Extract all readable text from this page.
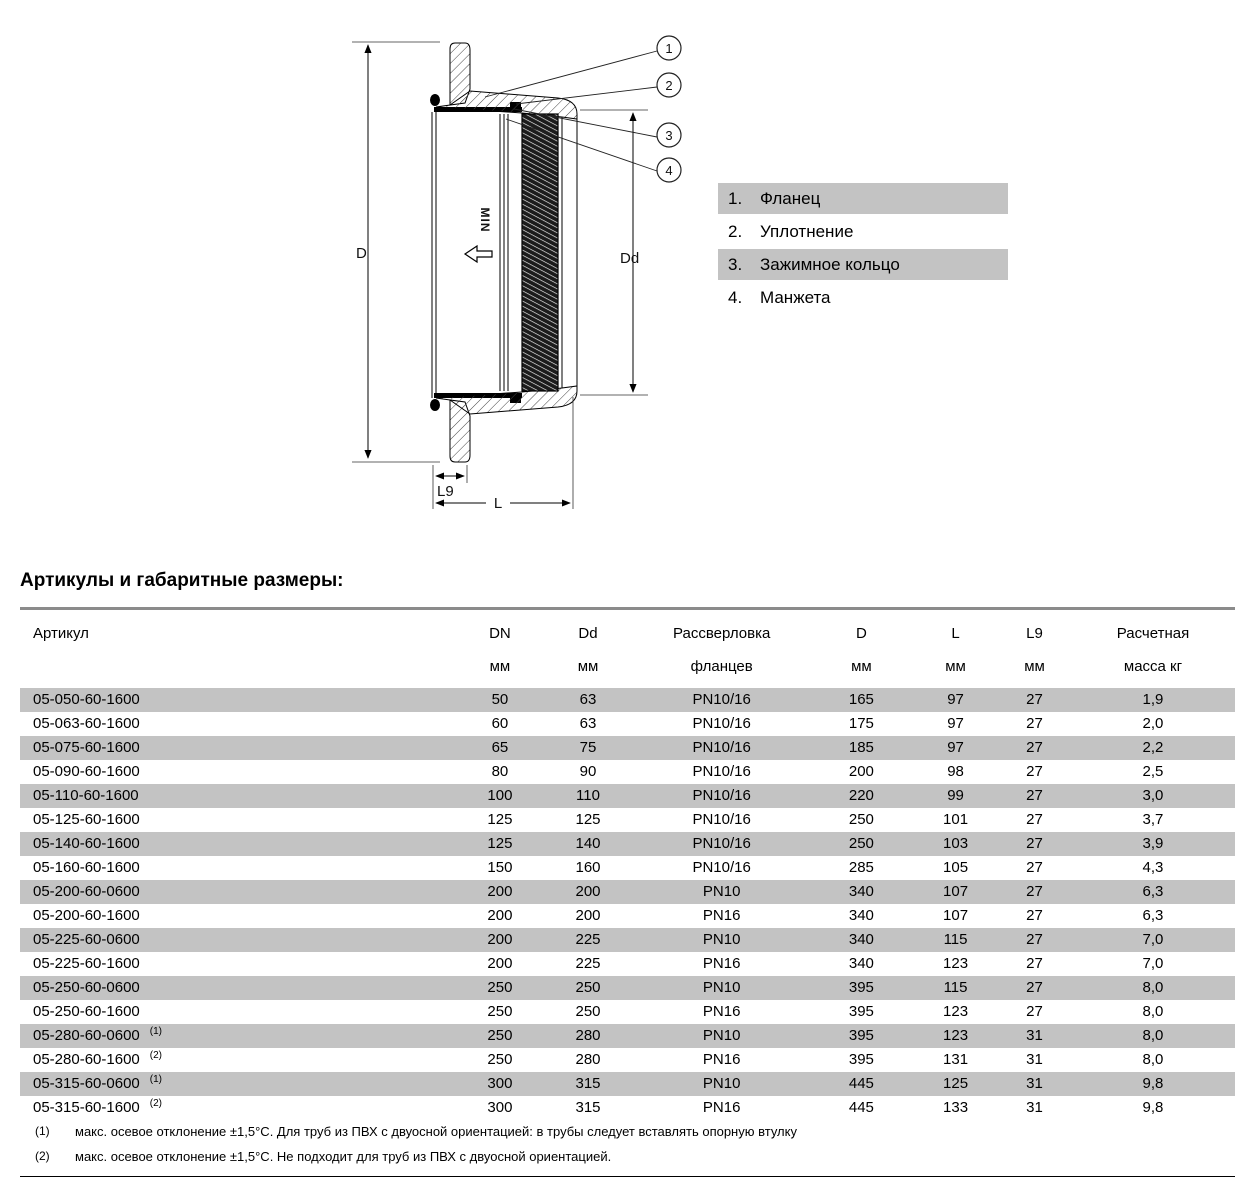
D
MIN
Dd
1
2
3
4
L9
L
1.	Фланец
2.	Уплотнение
3.	Зажимное кольцо
4.	Манжета
Артикулы и габаритные размеры:
Артикул	DN	Dd	Рассверловка	D	L	L9	Расчетная
	мм	мм	фланцев	мм	мм	мм	масса кг
05-050-60-1600	50	63	PN10/16	165	97	27	1,9
05-063-60-1600	60	63	PN10/16	175	97	27	2,0
05-075-60-1600	65	75	PN10/16	185	97	27	2,2
05-090-60-1600	80	90	PN10/16	200	98	27	2,5
05-110-60-1600	100	110	PN10/16	220	99	27	3,0
05-125-60-1600	125	125	PN10/16	250	101	27	3,7
05-140-60-1600	125	140	PN10/16	250	103	27	3,9
05-160-60-1600	150	160	PN10/16	285	105	27	4,3
05-200-60-0600	200	200	PN10	340	107	27	6,3
05-200-60-1600	200	200	PN16	340	107	27	6,3
05-225-60-0600	200	225	PN10	340	115	27	7,0
05-225-60-1600	200	225	PN16	340	123	27	7,0
05-250-60-0600	250	250	PN10	395	115	27	8,0
05-250-60-1600	250	250	PN16	395	123	27	8,0
05-280-60-0600 $^{(1)}$	250	280	PN10	395	123	31	8,0
05-280-60-1600 $^{(2)}$	250	280	PN16	395	131	31	8,0
05-315-60-0600 $^{(1)}$	300	315	PN10	445	125	31	9,8
05-315-60-1600 $^{(2)}$	300	315	PN16	445	133	31	9,8
(1)	макс. осевое отклонение ±1,5°C. Для труб из ПВХ с двуосной ориентацией: в трубы следует вставлять опорную втулку
(2)	макс. осевое отклонение ±1,5°C. Не подходит для труб из ПВХ с двуосной ориентацией.
